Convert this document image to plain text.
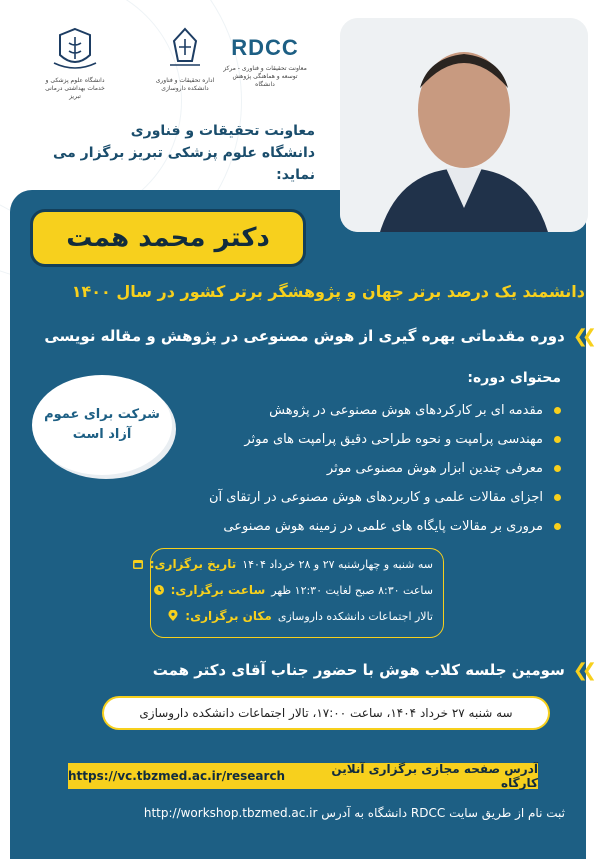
دانشگاه علوم پزشکی و خدمات بهداشتی درمانی تبریز
اداره تحقیقات و فناوری دانشکده داروسازی
RDCC
معاونت تحقیقات و فناوری - مرکز توسعه و هماهنگی پژوهش دانشگاه
معاونت تحقیقات و فناوری
دانشگاه علوم پزشکی تبریز برگزار می نماید:
دکتر محمد همت
دانشمند یک درصد برتر جهان و پژوهشگر برتر کشور در سال ۱۴۰۰
❮❮
دوره مقدماتی بهره گیری از هوش مصنوعی در پژوهش و مقاله نویسی
محتوای دوره:
مقدمه ای بر کارکردهای هوش مصنوعی در پژوهش
مهندسی پرامپت و نحوه طراحی دقیق پرامپت های موثر
معرفی چندین ابزار هوش مصنوعی موثر
اجزای مقالات علمی و کاربردهای هوش مصنوعی در ارتقای آن
مروری بر مقالات پایگاه های علمی در زمینه هوش مصنوعی
شرکت برای عموم
آزاد است
تاریخ برگزاری: سه شنبه و چهارشنبه ۲۷ و ۲۸ خرداد ۱۴۰۴
ساعت برگزاری: ساعت ۸:۳۰ صبح لغایت ۱۲:۳۰ ظهر
مکان برگزاری: تالار اجتماعات دانشکده داروسازی
❮❮
سومین جلسه کلاب هوش با حضور جناب آقای دکتر همت
سه شنبه ۲۷ خرداد ۱۴۰۴، ساعت ۱۷:۰۰، تالار اجتماعات دانشکده داروسازی
آدرس صفحه مجازی برگزاری آنلاین کارگاه
https://vc.tbzmed.ac.ir/research
ثبت نام از طریق سایت RDCC دانشگاه به آدرس http://workshop.tbzmed.ac.ir
